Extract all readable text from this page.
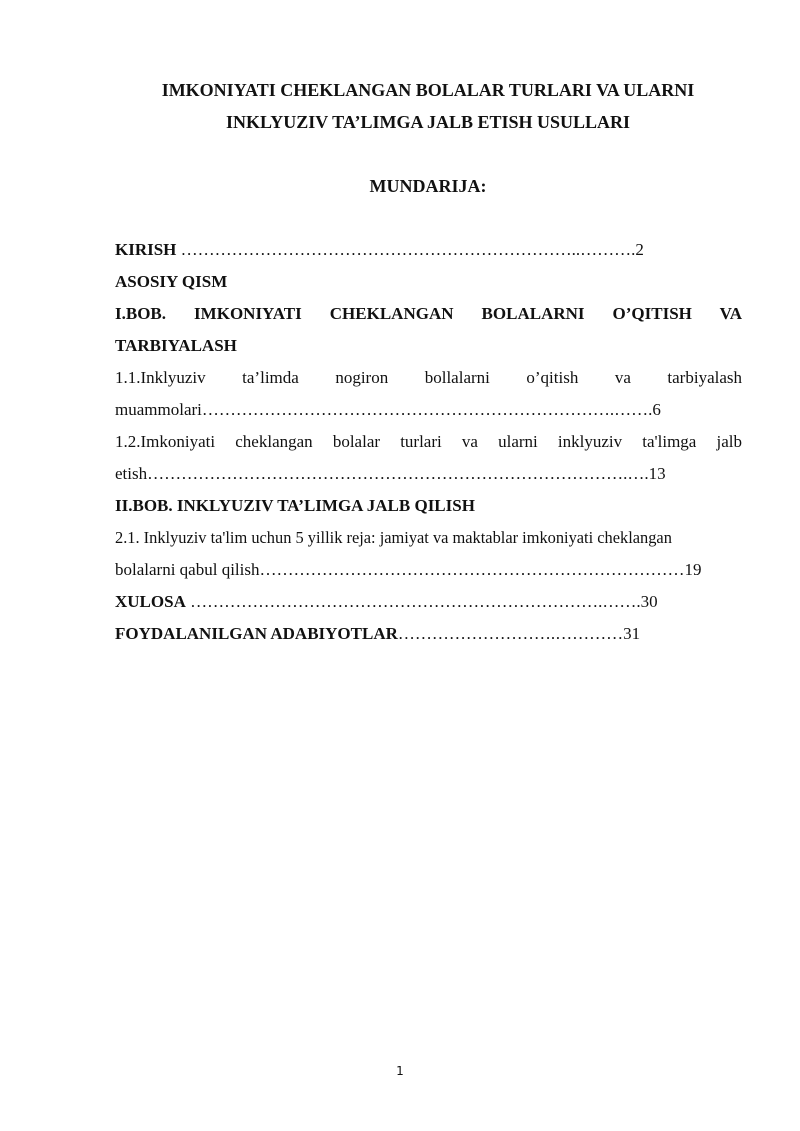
IMKONIYATI CHEKLANGAN BOLALAR TURLARI VA ULARNI
INKLYUZIV TA’LIMGA JALB ETISH USULLARI
MUNDARIJA:
KIRISH ……………………………………………………………..……….2
ASOSIY QISM
I.BOB. IMKONIYATI CHEKLANGAN BOLALARNI O’QITISH VA
TARBIYALASH
1.1.Inklyuziv ta’limda nogiron bollalarni o’qitish va tarbiyalash
muammolari……………………………………………………………….…….6
1.2.Imkoniyati cheklangan bolalar turlari va ularni inklyuziv ta'limga jalb
etish………………………………………………………………………….….13
II.BOB. INKLYUZIV TA’LIMGA JALB QILISH
2.1. Inklyuziv ta'lim uchun 5 yillik reja: jamiyat va maktablar imkoniyati cheklangan
bolalarni qabul qilish…………………………………………………………………19
XULOSA ……………………………………………………………….…….30
FOYDALANILGAN ADABIYOTLAR……………………….…………31
1
